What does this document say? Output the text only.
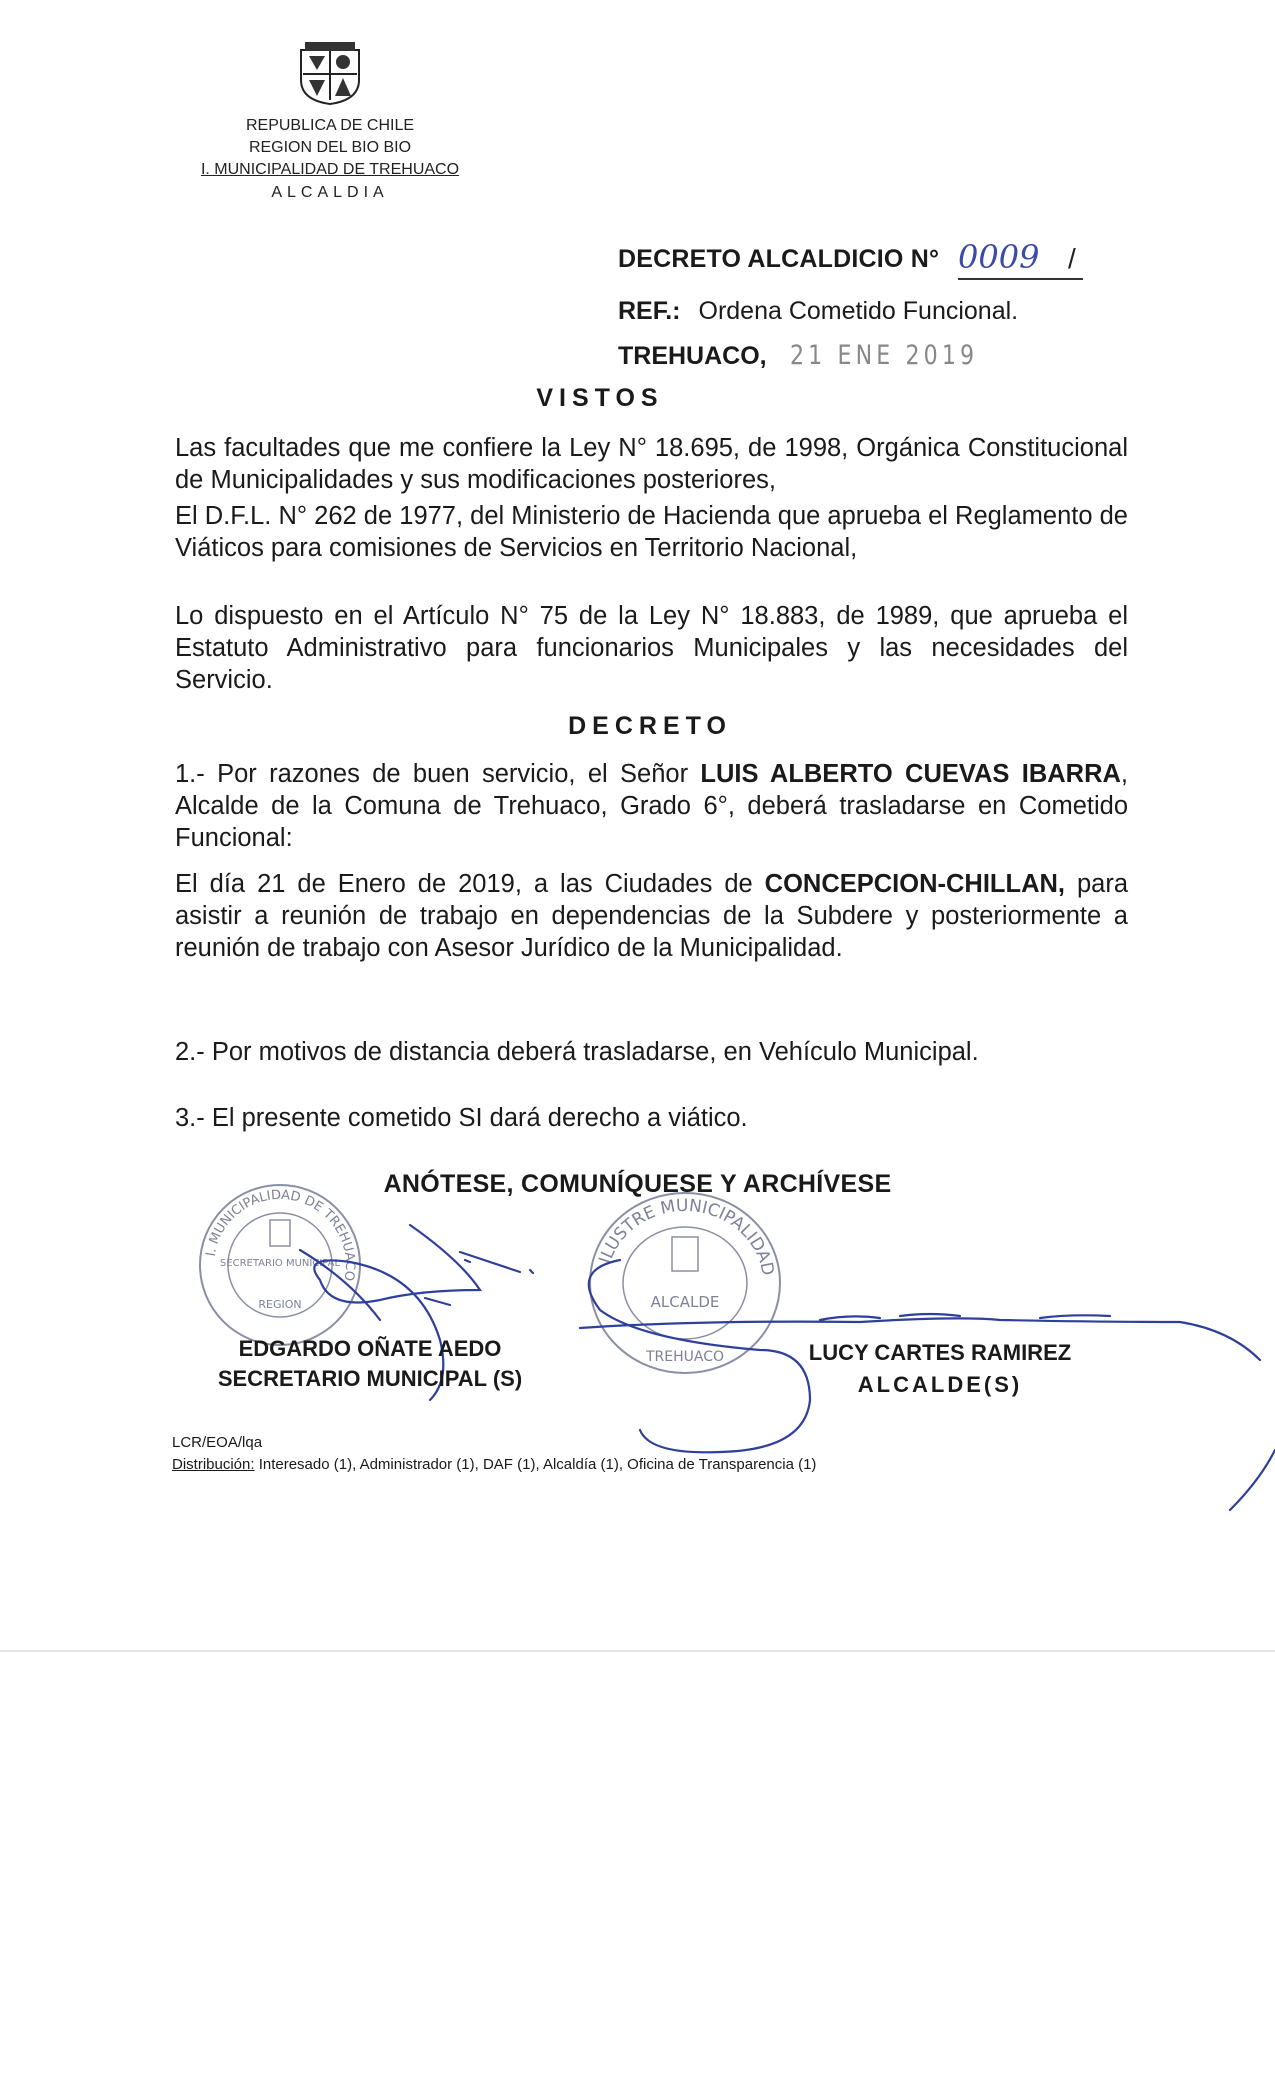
REPUBLICA DE CHILE
REGION DEL BIO BIO
I. MUNICIPALIDAD DE TREHUACO
ALCALDIA
DECRETO ALCALDICIO N° 0009 /
REF.: Ordena Cometido Funcional.
TREHUACO, 21 ENE 2019
VISTOS
Las facultades que me confiere la Ley N° 18.695, de 1998, Orgánica Constitucional de Municipalidades y sus modificaciones posteriores,
El D.F.L. N° 262 de 1977, del Ministerio de Hacienda que aprueba el Reglamento de Viáticos para comisiones de Servicios en Territorio Nacional,
Lo dispuesto en el Artículo N° 75 de la Ley N° 18.883, de 1989, que aprueba el Estatuto Administrativo para funcionarios Municipales y las necesidades del Servicio.
DECRETO
1.- Por razones de buen servicio, el Señor LUIS ALBERTO CUEVAS IBARRA, Alcalde de la Comuna de Trehuaco, Grado 6°, deberá trasladarse en Cometido Funcional:
El día 21 de Enero de 2019, a las Ciudades de CONCEPCION-CHILLAN, para asistir a reunión de trabajo en dependencias de la Subdere y posteriormente a reunión de trabajo con Asesor Jurídico de la Municipalidad.
2.- Por motivos de distancia deberá trasladarse, en Vehículo Municipal.
3.- El presente cometido SI dará derecho a viático.
ANÓTESE, COMUNÍQUESE Y ARCHÍVESE
I. MUNICIPALIDAD DE TREHUACO
SECRETARIO MUNICIPAL
REGION
ILUSTRE MUNICIPALIDAD
ALCALDE
TREHUACO
EDGARDO OÑATE AEDO
SECRETARIO MUNICIPAL (S)
LUCY CARTES RAMIREZ
ALCALDE(S)
LCR/EOA/lqa
Distribución: Interesado (1), Administrador (1), DAF (1), Alcaldía (1), Oficina de Transparencia (1)
